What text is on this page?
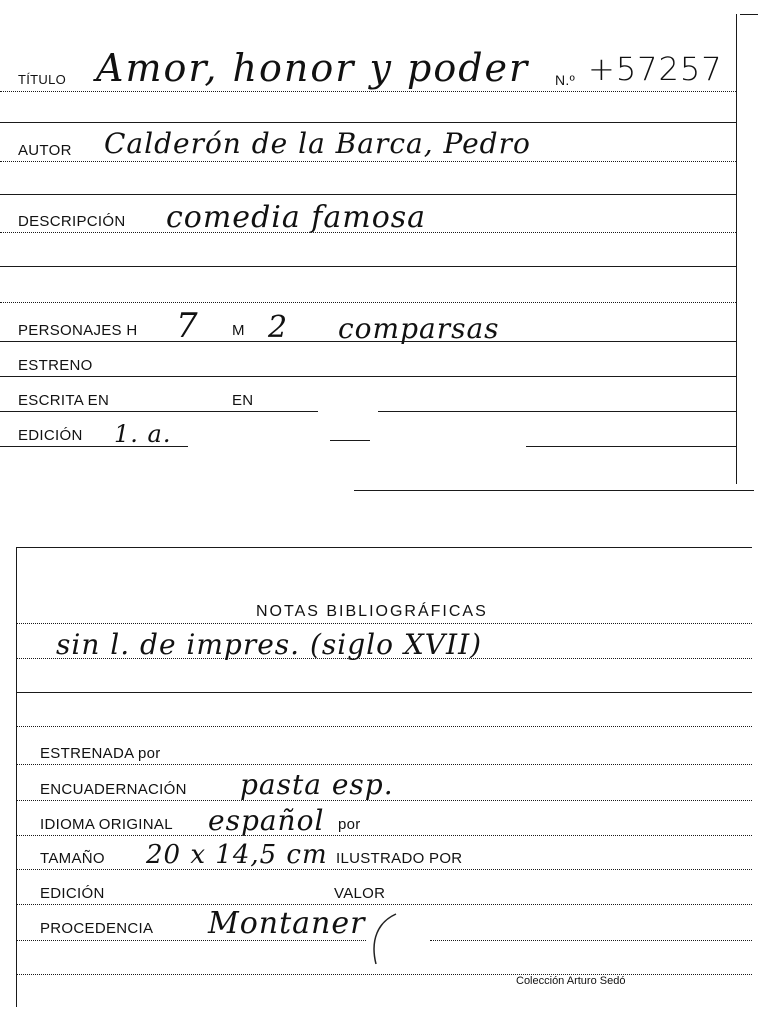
TÍTULO Amor, honor y poder N.º +57257
AUTOR Calderón de la Barca, Pedro
DESCRIPCIÓN comedia famosa
PERSONAJES H 7 M 2 comparsas
ESTRENO
ESCRITA EN	EN
EDICIÓN 1. a.
NOTAS BIBLIOGRÁFICAS
sin l. de impres. (siglo XVII)
ESTRENADA por
ENCUADERNACIÓN pasta esp.
IDIOMA ORIGINAL español por
TAMAÑO 20 x 14,5 cm ILUSTRADO POR
EDICIÓN	VALOR
PROCEDENCIA Montaner
Colección Arturo Sedó
